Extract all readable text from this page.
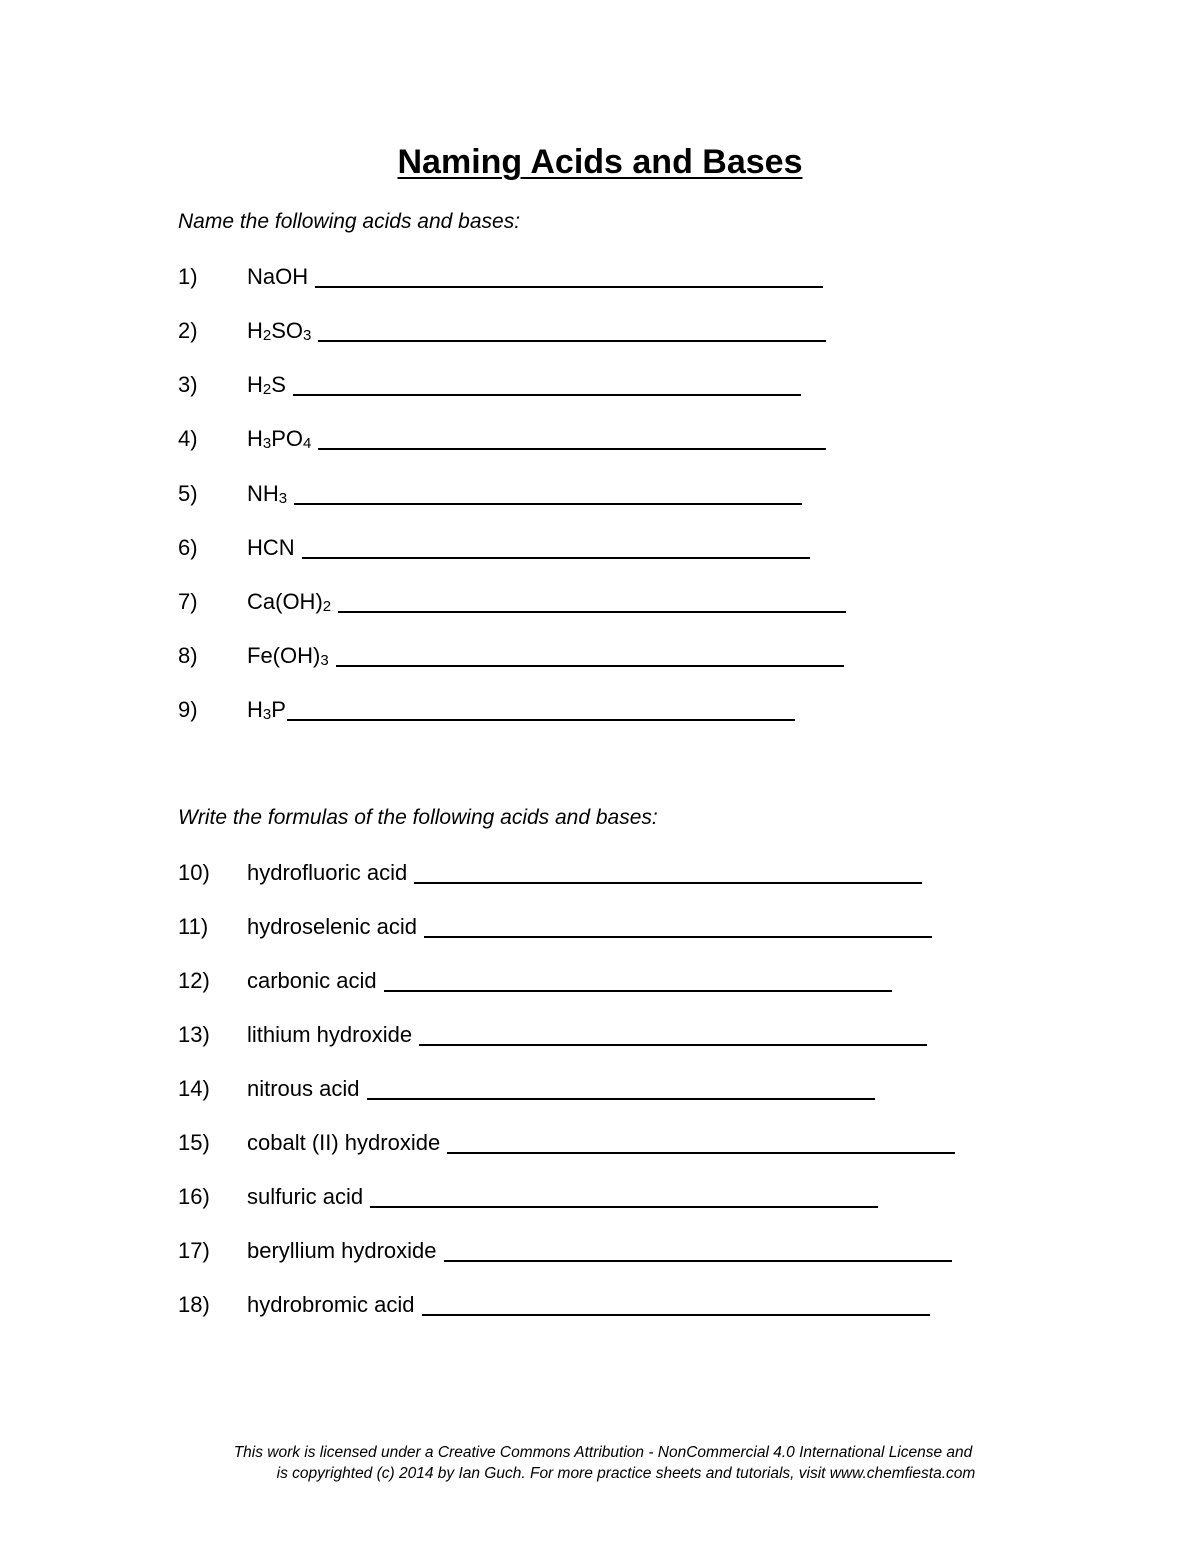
Naming Acids and Bases
Name the following acids and bases:
1) NaOH
2) $H_2SO_3$
3) $H_2S$
4) $H_3PO_4$
5) $NH_3$
6) HCN
7) $Ca(OH)_2$
8) $Fe(OH)_3$
9) $H_3P$
Write the formulas of the following acids and bases:
10) hydrofluoric acid
11) hydroselenic acid
12) carbonic acid
13) lithium hydroxide
14) nitrous acid
15) cobalt (II) hydroxide
16) sulfuric acid
17) beryllium hydroxide
18) hydrobromic acid
This work is licensed under a Creative Commons Attribution - NonCommercial 4.0 International License and
is copyrighted (c) 2014 by Ian Guch. For more practice sheets and tutorials, visit www.chemfiesta.com
